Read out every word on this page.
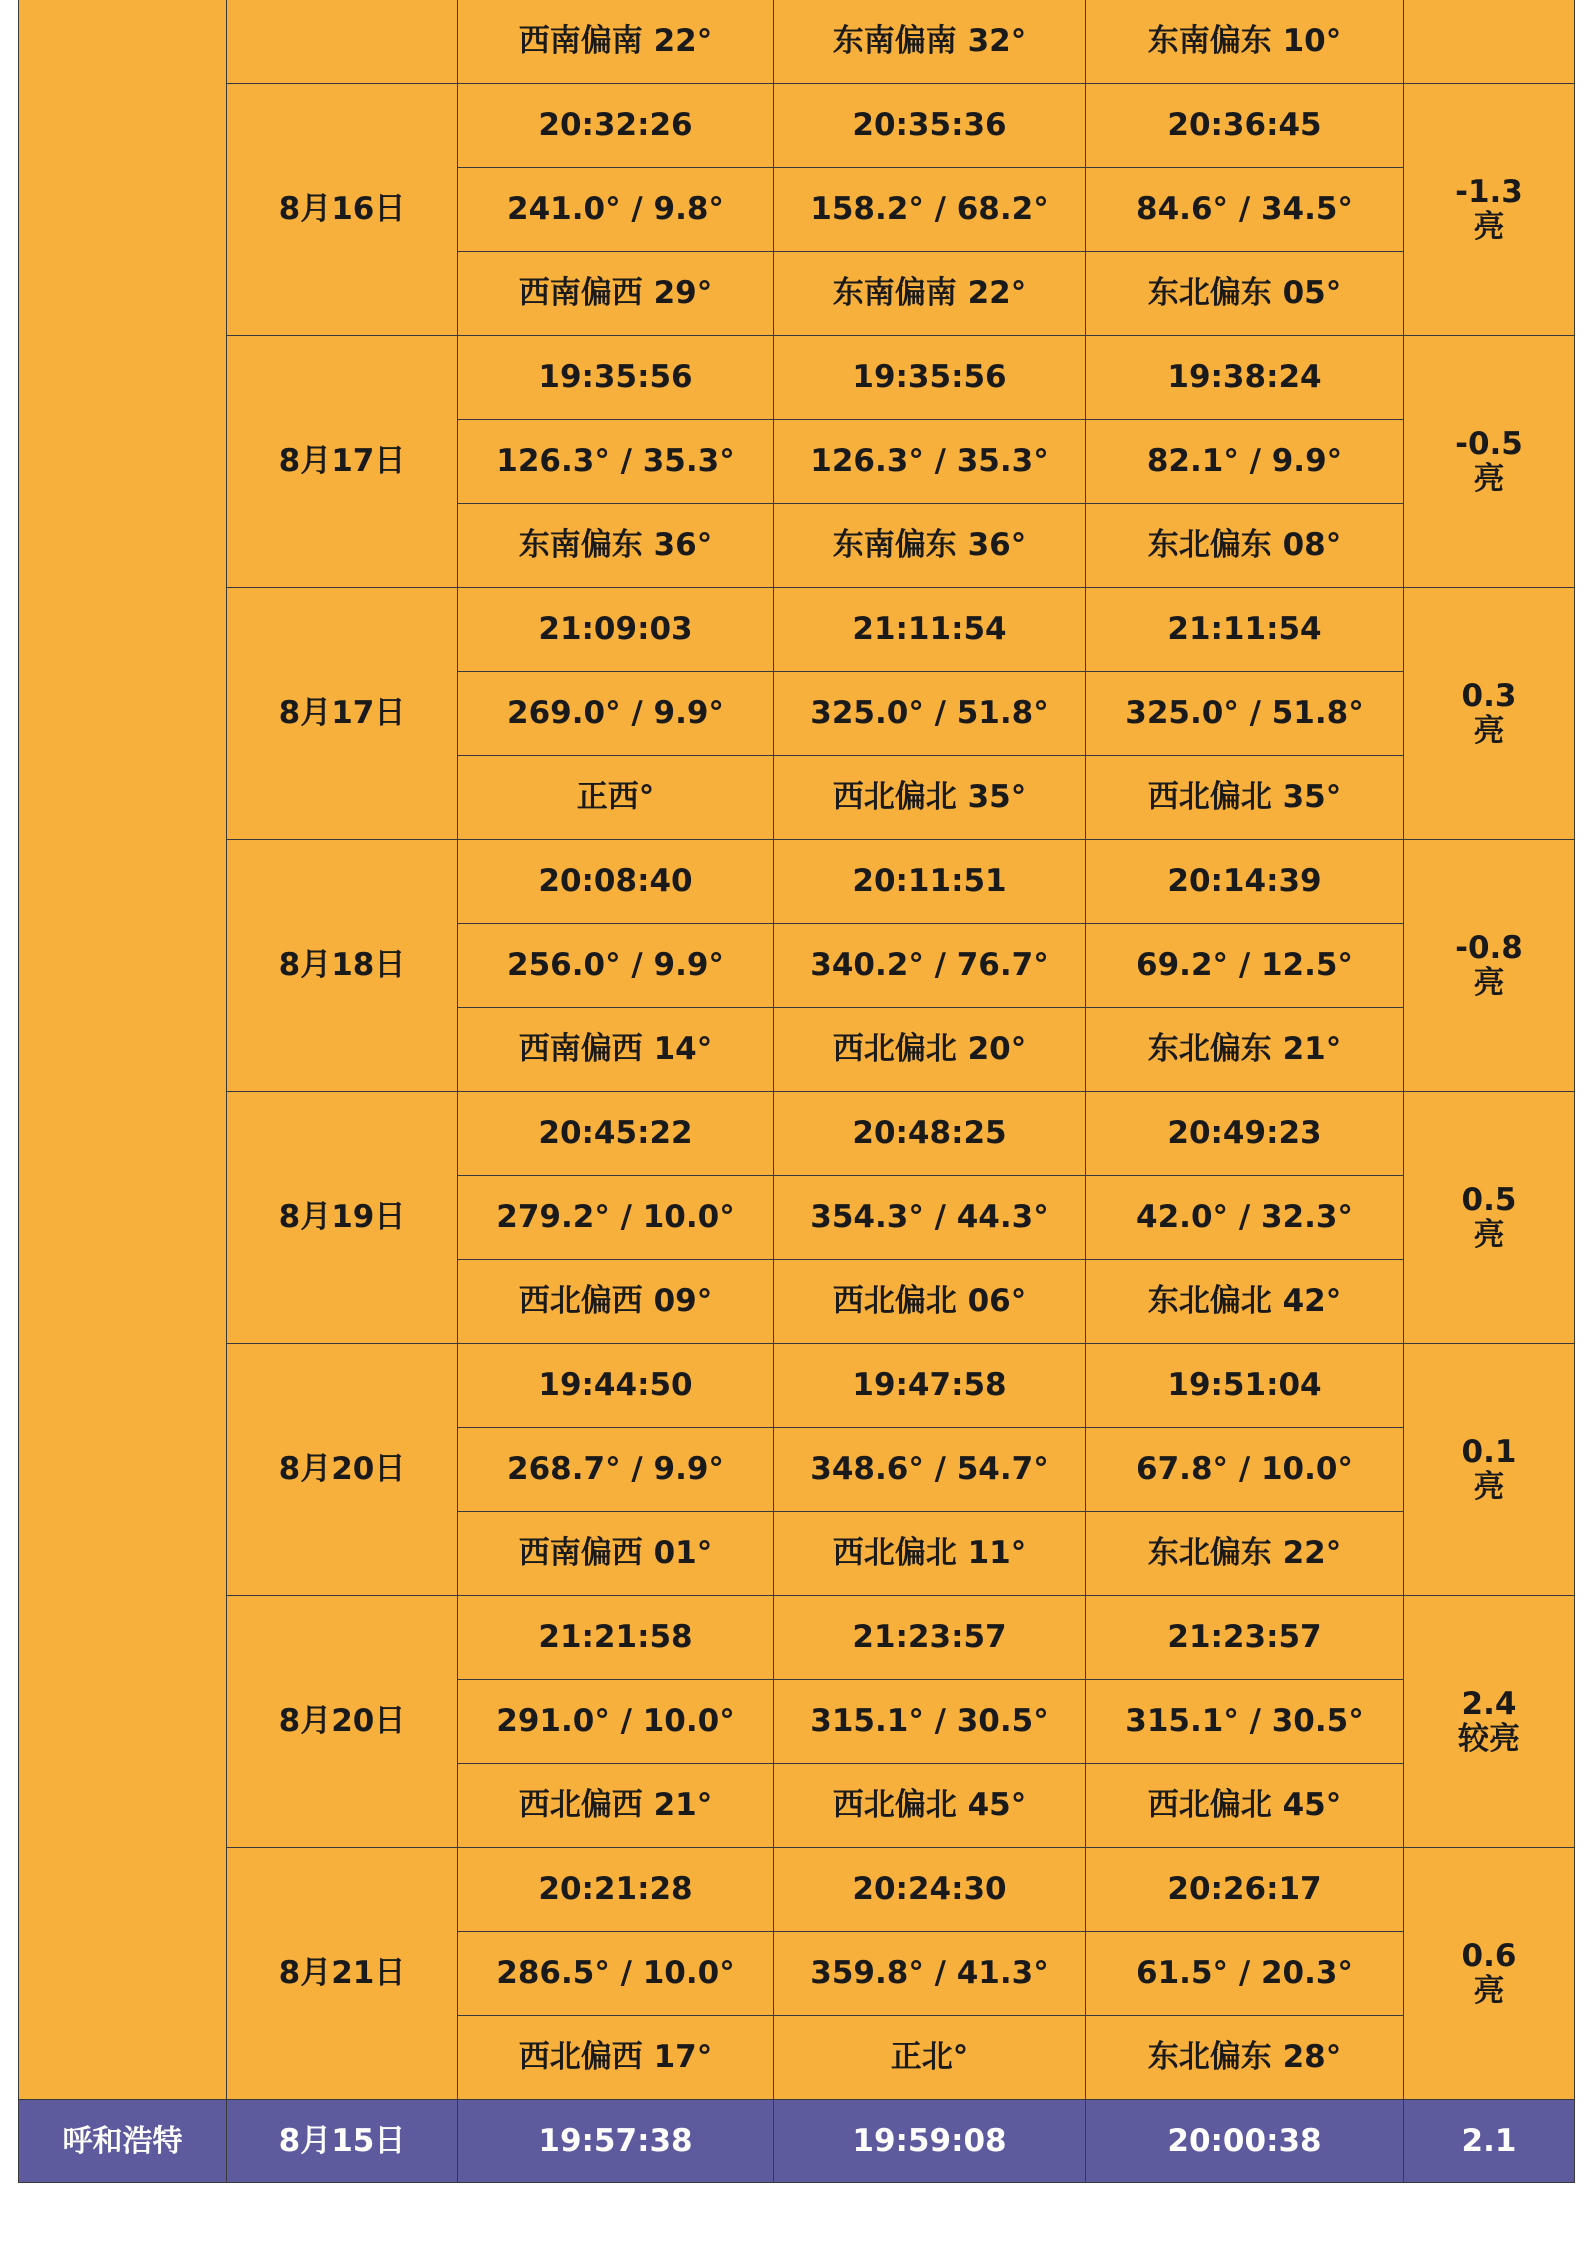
		西南偏南 22°	东南偏南 32°	东南偏东 10°	
	8月16日	20:32:26	20:35:36	20:36:45	-1.3
亮

		241.0° / 9.8°	158.2° / 68.2°	84.6° / 34.5°	
		西南偏西 29°	东南偏南 22°	东北偏东 05°	
	8月17日	19:35:56	19:35:56	19:38:24	-0.5
亮

		126.3° / 35.3°	126.3° / 35.3°	82.1° / 9.9°	
		东南偏东 36°	东南偏东 36°	东北偏东 08°	
	8月17日	21:09:03	21:11:54	21:11:54	0.3
亮

		269.0° / 9.9°	325.0° / 51.8°	325.0° / 51.8°	
		正西°	西北偏北 35°	西北偏北 35°	
	8月18日	20:08:40	20:11:51	20:14:39	-0.8
亮

		256.0° / 9.9°	340.2° / 76.7°	69.2° / 12.5°	
		西南偏西 14°	西北偏北 20°	东北偏东 21°	
	8月19日	20:45:22	20:48:25	20:49:23	0.5
亮

		279.2° / 10.0°	354.3° / 44.3°	42.0° / 32.3°	
		西北偏西 09°	西北偏北 06°	东北偏北 42°	
	8月20日	19:44:50	19:47:58	19:51:04	0.1
亮

		268.7° / 9.9°	348.6° / 54.7°	67.8° / 10.0°	
		西南偏西 01°	西北偏北 11°	东北偏东 22°	
	8月20日	21:21:58	21:23:57	21:23:57	2.4
较亮

		291.0° / 10.0°	315.1° / 30.5°	315.1° / 30.5°	
		西北偏西 21°	西北偏北 45°	西北偏北 45°	
	8月21日	20:21:28	20:24:30	20:26:17	0.6
亮

		286.5° / 10.0°	359.8° / 41.3°	61.5° / 20.3°	
		西北偏西 17°	正北°	东北偏东 28°	
呼和浩特	8月15日	19:57:38	19:59:08	20:00:38	2.1
